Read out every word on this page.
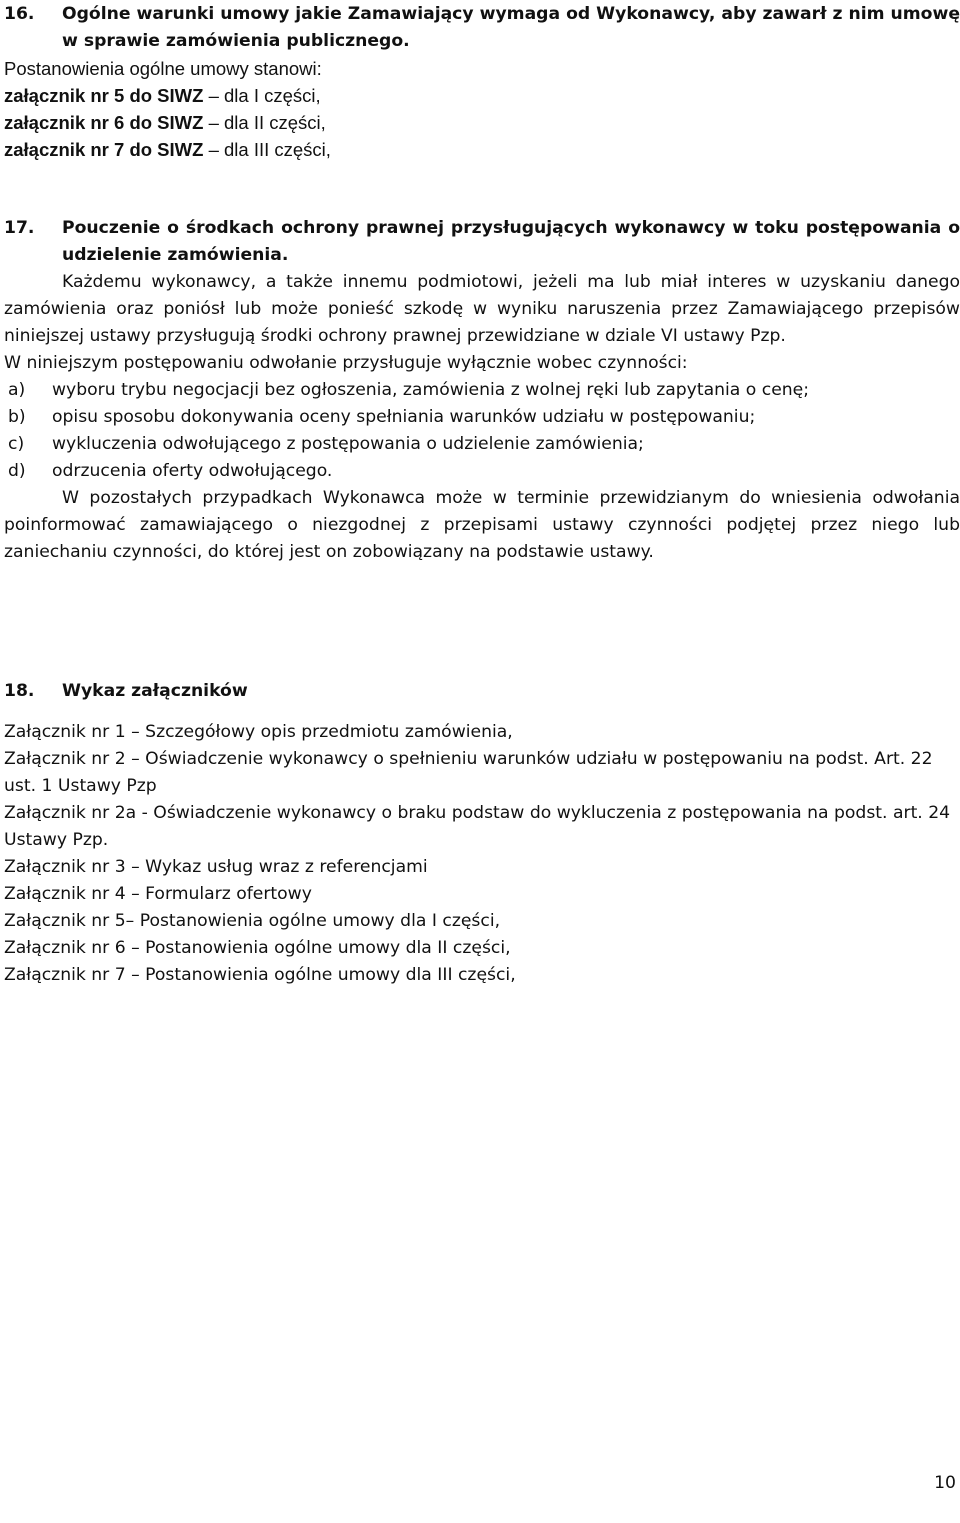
16.	Ogólne warunki umowy jakie Zamawiający wymaga od Wykonawcy, aby zawarł z nim umowę w sprawie zamówienia publicznego.
Postanowienia ogólne umowy stanowi:
załącznik nr 5 do SIWZ – dla I części,
załącznik nr 6 do SIWZ – dla II części,
załącznik nr 7 do SIWZ – dla III części,
17.	Pouczenie o środkach ochrony prawnej przysługujących wykonawcy w toku postępowania o udzielenie zamówienia.
Każdemu wykonawcy, a także innemu podmiotowi, jeżeli ma lub miał interes w uzyskaniu danego zamówienia oraz poniósł lub może ponieść szkodę w wyniku naruszenia przez Zamawiającego przepisów niniejszej ustawy przysługują środki ochrony prawnej przewidziane w dziale VI ustawy Pzp.
W niniejszym postępowaniu odwołanie przysługuje wyłącznie wobec czynności:
a)	wyboru trybu negocjacji bez ogłoszenia, zamówienia z wolnej ręki lub zapytania o cenę;
b)	opisu sposobu dokonywania oceny spełniania warunków udziału w postępowaniu;
c)	wykluczenia odwołującego z postępowania o udzielenie zamówienia;
d)	odrzucenia oferty odwołującego.
W pozostałych przypadkach Wykonawca może w terminie przewidzianym do wniesienia odwołania poinformować zamawiającego o niezgodnej z przepisami ustawy czynności podjętej przez niego lub zaniechaniu czynności, do której jest on zobowiązany na podstawie ustawy.
18.	Wykaz załączników
Załącznik nr 1 – Szczegółowy opis przedmiotu zamówienia,
Załącznik nr 2 – Oświadczenie wykonawcy o spełnieniu warunków udziału w postępowaniu na podst. Art. 22 ust. 1 Ustawy Pzp
Załącznik nr 2a - Oświadczenie wykonawcy o braku podstaw do wykluczenia z postępowania na podst. art. 24 Ustawy Pzp.
Załącznik nr 3 – Wykaz usług wraz z referencjami
Załącznik nr 4 – Formularz ofertowy
Załącznik nr 5– Postanowienia ogólne umowy dla I części,
Załącznik nr 6 – Postanowienia ogólne umowy dla II części,
Załącznik nr 7 – Postanowienia ogólne umowy dla III części,
10
